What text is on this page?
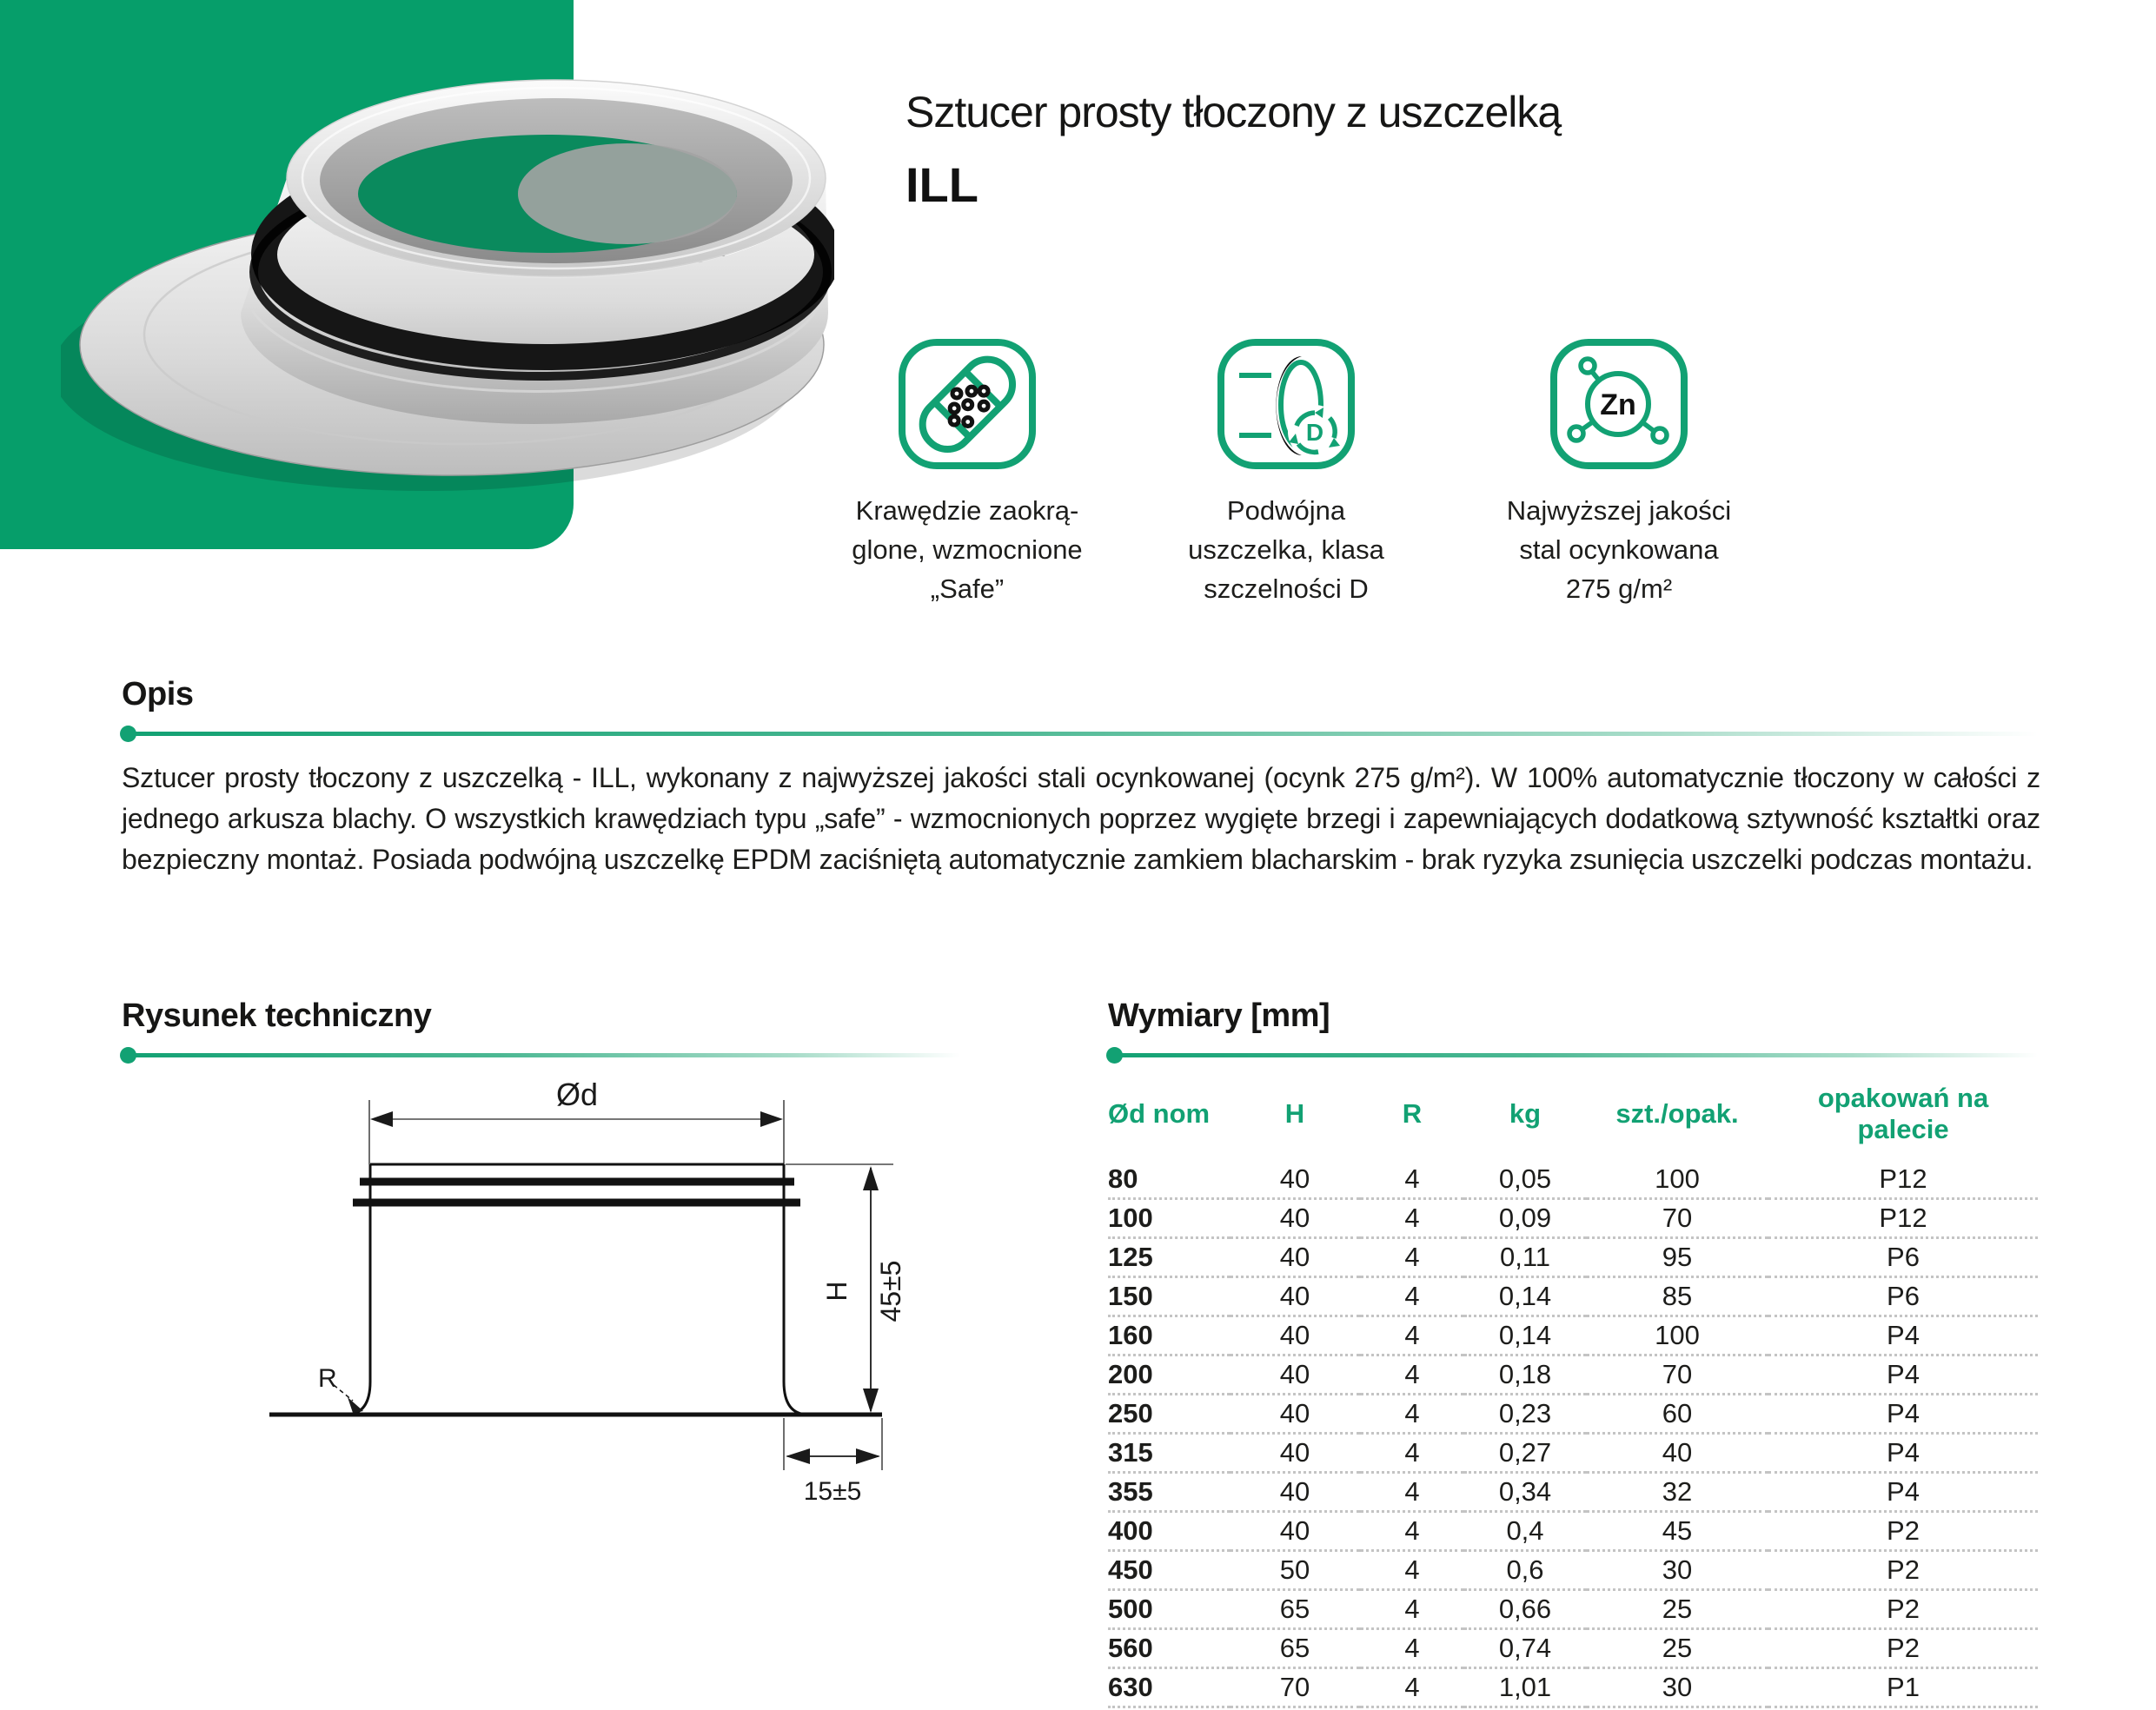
Sztucer prosty tłoczony z uszczelką
ILL
Krawędzie zaokrą-
glone, wzmocnione
„Safe”
D
Podwójna
uszczelka, klasa
szczelności D
Zn
Najwyższej jakości
stal ocynkowana
275 g/m²
Opis
Sztucer prosty tłoczony z uszczelką - ILL, wykonany z najwyższej jakości stali ocynkowanej (ocynk 275 g/m²). W 100% automatycznie tłoczony w całości z jednego arkusza blachy. O wszystkich krawędziach typu „safe” - wzmocnionych poprzez wygięte brzegi i zapewniających dodatkową sztywność kształtki oraz bezpieczny montaż. Posiada podwójną uszczelkę EPDM zaciśniętą automatycznie zamkiem blacharskim - brak ryzyka zsunięcia uszczelki podczas montażu.
Rysunek techniczny
Ød
H 45±5
R
15±5
Wymiary [mm]
Ød nom	H	R	kg	szt./opak.	opakowań na palecie
80	40	4	0,05	100	P12
100	40	4	0,09	70	P12
125	40	4	0,11	95	P6
150	40	4	0,14	85	P6
160	40	4	0,14	100	P4
200	40	4	0,18	70	P4
250	40	4	0,23	60	P4
315	40	4	0,27	40	P4
355	40	4	0,34	32	P4
400	40	4	0,4	45	P2
450	50	4	0,6	30	P2
500	65	4	0,66	25	P2
560	65	4	0,74	25	P2
630	70	4	1,01	30	P1
